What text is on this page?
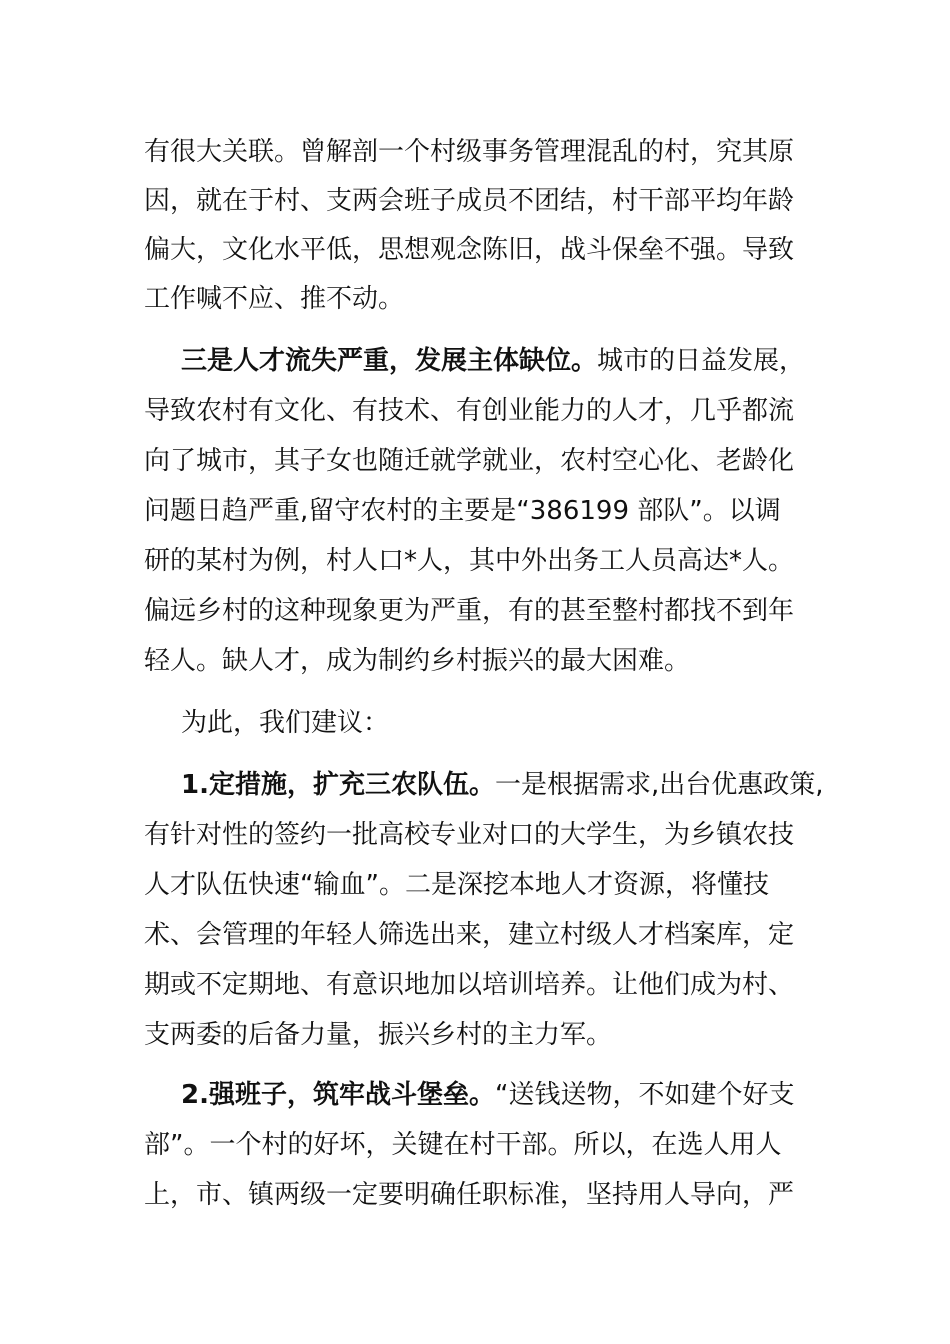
有很大关联。曾解剖一个村级事务管理混乱的村，究其原
因，就在于村、支两会班子成员不团结，村干部平均年龄
偏大，文化水平低，思想观念陈旧，战斗保垒不强。导致
工作喊不应、推不动。
三是人才流失严重，发展主体缺位。城市的日益发展，
导致农村有文化、有技术、有创业能力的人才，几乎都流
向了城市，其子女也随迁就学就业，农村空心化、老龄化
问题日趋严重,留守农村的主要是“386199 部队”。以调
研的某村为例，村人口*人，其中外出务工人员高达*人。
偏远乡村的这种现象更为严重，有的甚至整村都找不到年
轻人。缺人才，成为制约乡村振兴的最大困难。
为此，我们建议：
1.定措施，扩充三农队伍。一是根据需求,出台优惠政策,
有针对性的签约一批高校专业对口的大学生，为乡镇农技
人才队伍快速“输血”。二是深挖本地人才资源，将懂技
术、会管理的年轻人筛选出来，建立村级人才档案库，定
期或不定期地、有意识地加以培训培养。让他们成为村、
支两委的后备力量，振兴乡村的主力军。
2.强班子，筑牢战斗堡垒。“送钱送物，不如建个好支
部”。一个村的好坏，关键在村干部。所以，在选人用人
上，市、镇两级一定要明确任职标准，坚持用人导向，严
